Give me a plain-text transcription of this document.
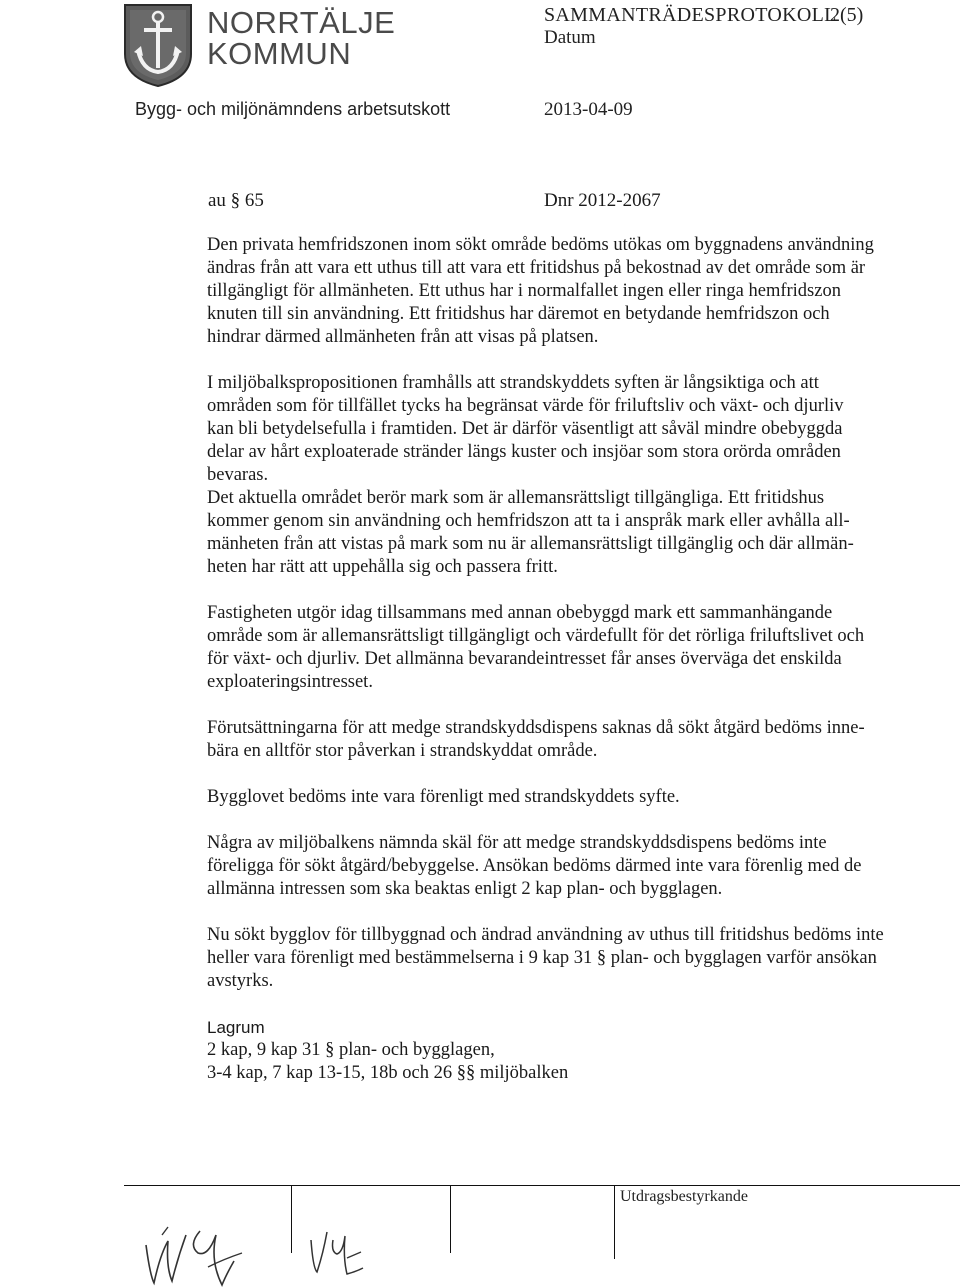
NORRTÄLJE
KOMMUN
Bygg- och miljönämndens arbetsutskott
SAMMANTRÄDESPROTOKOLL
2(5)
Datum
2013-04-09
au § 65	Dnr 2012-2067

Den privata hemfridszonen inom sökt område bedöms utökas om byggnadens användning

ändras från att vara ett uthus till att vara ett fritidshus på bekostnad av det område som är

tillgängligt för allmänheten. Ett uthus har i normalfallet ingen eller ringa hemfridszon

knuten till sin användning. Ett fritidshus har däremot en betydande hemfridszon och

hindrar därmed allmänheten från att visas på platsen.

I miljöbalkspropositionen framhålls att strandskyddets syften är långsiktiga och att

områden som för tillfället tycks ha begränsat värde för friluftsliv och växt- och djurliv

kan bli betydelsefulla i framtiden. Det är därför väsentligt att såväl mindre obebyggda

delar av hårt exploaterade stränder längs kuster och insjöar som stora orörda områden

bevaras.

Det aktuella området berör mark som är allemansrättsligt tillgängliga. Ett fritidshus

kommer genom sin användning och hemfridszon att ta i anspråk mark eller avhålla all-

mänheten från att vistas på mark som nu är allemansrättsligt tillgänglig och där allmän-

heten har rätt att uppehålla sig och passera fritt.

Fastigheten utgör idag tillsammans med annan obebyggd mark ett sammanhängande

område som är allemansrättsligt tillgängligt och värdefullt för det rörliga friluftslivet och

för växt- och djurliv. Det allmänna bevarandeintresset får anses överväga det enskilda

exploateringsintresset.

Förutsättningarna för att medge strandskyddsdispens saknas då sökt åtgärd bedöms inne-

bära en alltför stor påverkan i strandskyddat område.

Bygglovet bedöms inte vara förenligt med strandskyddets syfte.

Några av miljöbalkens nämnda skäl för att medge strandskyddsdispens bedöms inte

föreligga för sökt åtgärd/bebyggelse. Ansökan bedöms därmed inte vara förenlig med de

allmänna intressen som ska beaktas enligt 2 kap plan- och bygglagen.

Nu sökt bygglov för tillbyggnad och ändrad användning av uthus till fritidshus bedöms inte

heller vara förenligt med bestämmelserna i 9 kap 31 § plan- och bygglagen varför ansökan

avstyrks.

Lagrum

2 kap, 9 kap 31 § plan- och bygglagen,

3-4 kap, 7 kap 13-15, 18b och 26 §§ miljöbalken

Utdragsbestyrkande
